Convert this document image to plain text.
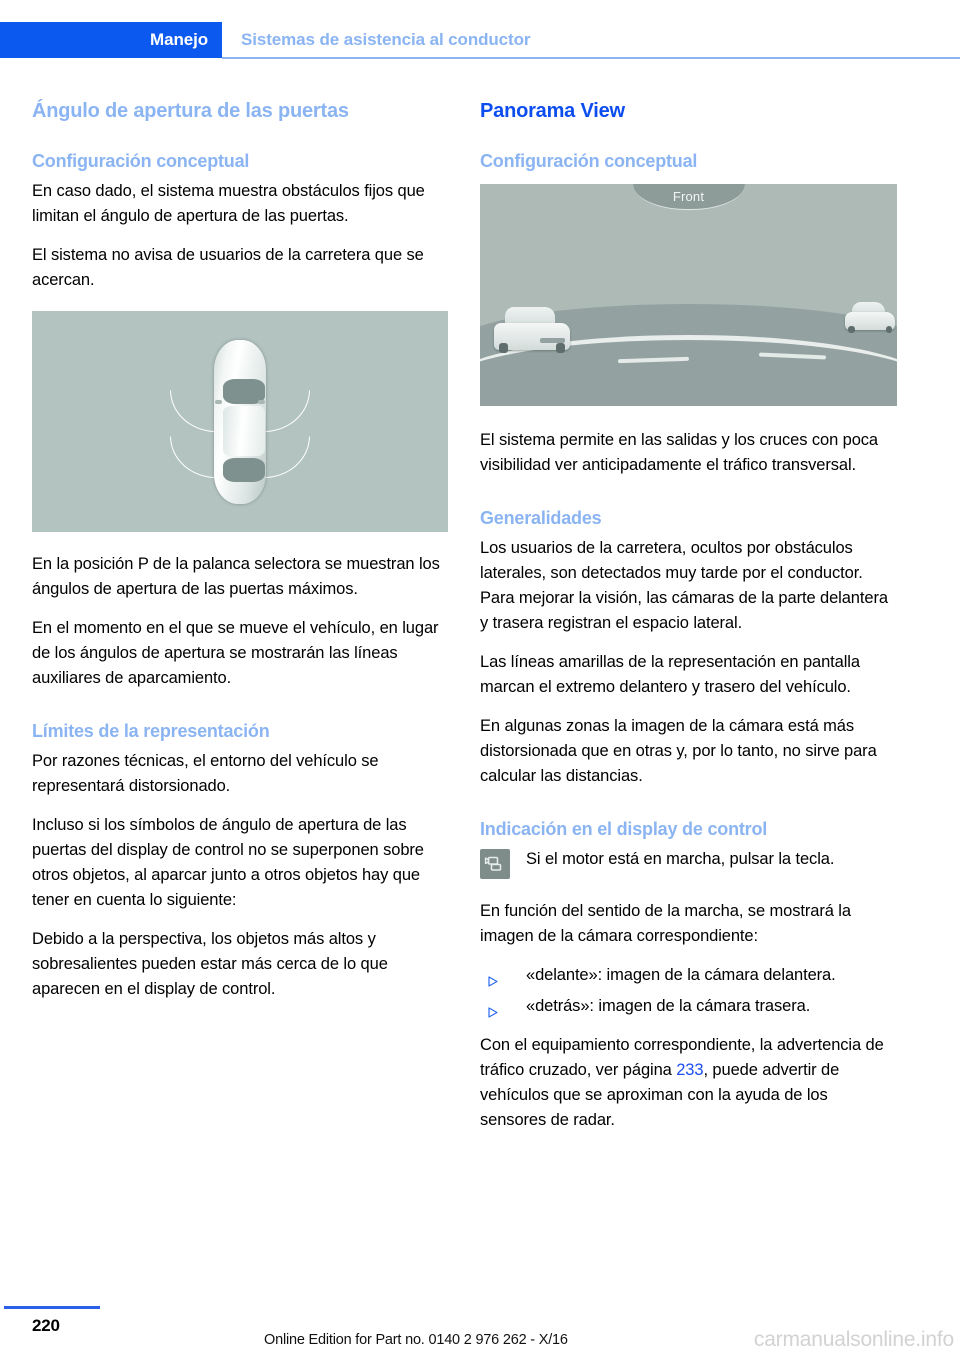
Manejo Sistemas de asistencia al conductor
Ángulo de apertura de las puertas
Configuración conceptual

En caso dado, el sistema muestra obstáculos fijos que limitan el ángulo de apertura de las puertas.

El sistema no avisa de usuarios de la carretera que se acercan.

En la posición P de la palanca selectora se muestran los ángulos de apertura de las puertas máximos.

En el momento en el que se mueve el vehículo, en lugar de los ángulos de apertura se mostrarán las líneas auxiliares de aparcamiento.

Límites de la representación

Por razones técnicas, el entorno del vehículo se representará distorsionado.

Incluso si los símbolos de ángulo de apertura de las puertas del display de control no se superponen sobre otros objetos, al aparcar junto a otros objetos hay que tener en cuenta lo siguiente:

Debido a la perspectiva, los objetos más altos y sobresalientes pueden estar más cerca de lo que aparecen en el display de control.

Panorama View
Configuración conceptual
Front

El sistema permite en las salidas y los cruces con poca visibilidad ver anticipadamente el tráfico transversal.

Generalidades

Los usuarios de la carretera, ocultos por obstáculos laterales, son detectados muy tarde por el conductor. Para mejorar la visión, las cámaras de la parte delantera y trasera registran el espacio lateral.

Las líneas amarillas de la representación en pantalla marcan el extremo delantero y trasero del vehículo.

En algunas zonas la imagen de la cámara está más distorsionada que en otras y, por lo tanto, no sirve para calcular las distancias.

Indicación en el display de control
Si el motor está en marcha, pulsar la tecla.

En función del sentido de la marcha, se mostrará la imagen de la cámara correspondiente:

«delante»: imagen de la cámara delantera.
«detrás»: imagen de la cámara trasera.

Con el equipamiento correspondiente, la advertencia de tráfico cruzado, ver página 233, puede advertir de vehículos que se aproximan con la ayuda de los sensores de radar.

220
Online Edition for Part no. 0140 2 976 262 - X/16	carmanualsonline.info
